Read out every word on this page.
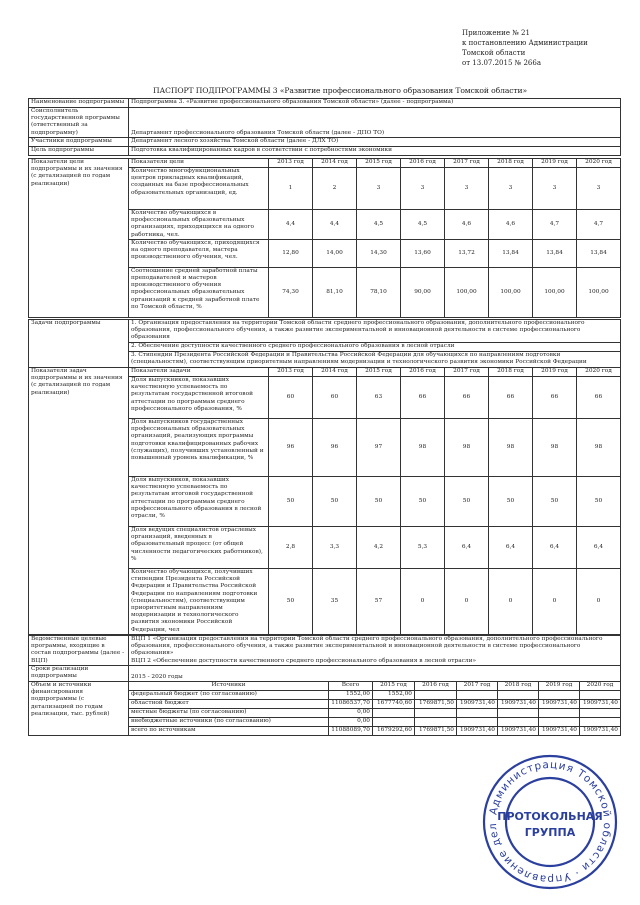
Приложение № 21
к постановлению Администрации
Томской области
от 13.07.2015 № 266а
ПАСПОРТ ПОДПРОГРАММЫ 3 «Развитие профессионального образования Томской области»
Наименование подпрограммы	Подпрограмма 3. «Развитие профессионального образования Томской области» (далее - подпрограмма)
Соисполнитель государственной программы (ответственный за подпрограмму)	Департамент профессионального образования Томской области (далее - ДПО ТО)
Участники подпрограммы	Департамент лесного хозяйства Томской области (далее - ДЛХ ТО)
Цель подпрограммы	Подготовка квалифицированных кадров в соответствии с потребностями экономики
Показатели цели подпрограммы и их значения (с детализацией по годам реализации)	Показатели цели	2013 год	2014 год	2015 год	2016 год	2017 год	2018 год	2019 год	2020 год
	Количество многофункциональных центров прикладных квалификаций, созданных на базе профессиональных образовательных организаций, ед.	1	2	3	3	3	3	3	3
	Количество обучающихся в профессиональных образовательных организациях, приходящихся на одного работника, чел.	4,4	4,4	4,5	4,5	4,6	4,6	4,7	4,7
	Количество обучающихся, приходящихся на одного преподавателя, мастера производственного обучения, чел.	12,80	14,00	14,30	13,60	13,72	13,84	13,84	13,84
	Соотношение средней заработной платы преподавателей и мастеров производственного обучения профессиональных образовательных организаций к средней заработной плате по Томской области, %	74,30	81,10	78,10	90,00	100,00	100,00	100,00	100,00
Задачи подпрограммы	1. Организация предоставления на территории Томской области среднего профессионального образования, дополнительного профессионального образования, профессионального обучения, а также развитие экспериментальной и инновационной деятельности в системе профессионального образования
2. Обеспечение доступности качественного среднего профессионального образования в лесной отрасли
3. Стипендии Президента Российской Федерации и Правительства Российской Федерации для обучающихся по направлениям подготовки (специальностям), соответствующим приоритетным направлениям модернизации и технологического развития экономики Российской Федерации
Показатели задач подпрограммы и их значения (с детализацией по годам реализации)	Показатели задачи	2013 год	2014 год	2015 год	2016 год	2017 год	2018 год	2019 год	2020 год
	Доля выпускников, показавших качественную успеваемость по результатам государственной итоговой аттестации по программам среднего профессионального образования, %	60	60	63	66	66	66	66	66
	Доля выпускников государственных профессиональных образовательных организаций, реализующих программы подготовки квалифицированных рабочих (служащих), получивших установленный и повышенный уровень квалификации, %	96	96	97	98	98	98	98	98
	Доля выпускников, показавших качественную успеваемость по результатам итоговой государственной аттестации по программам среднего профессионального образования в лесной отрасли, %	50	50	50	50	50	50	50	50
	Доля ведущих специалистов отраслевых организаций, введенных в образовательный процесс (от общей численности педагогических работников), %	2,8	3,3	4,2	5,3	6,4	6,4	6,4	6,4
	Количество обучающихся, получивших стипендии Президента Российской Федерации и Правительства Российской Федерации по направлениям подготовки (специальностям), соответствующим приоритетным направлениям модернизации и технологического развития экономики Российской Федерации, чел	50	35	57	0	0	0	0	0
Ведомственные целевые программы, входящие в состав подпрограммы (далее - ВЦП)	ВЦП 1 «Организация предоставления на территории Томской области среднего профессионального образования, дополнительного профессионального образования, профессионального обучения, а также развитие экспериментальной и инновационной деятельности в системе профессионального образования»
ВЦП 2 «Обеспечение доступности качественного среднего профессионального образования в лесной отрасли»

Сроки реализации подпрограммы	2015 - 2020 годы
Объем и источники финансирования подпрограммы (с детализацией по годам реализации, тыс. рублей)	Источники	Всего	2015 год	2016 год	2017 год	2018 год	2019 год	2020 год
	федеральный бюджет (по согласованию)	1552,00	1552,00					
	областной бюджет	11086537,70	1677740,60	1769871,50	1909731,40	1909731,40	1909731,40	1909731,40
	местные бюджеты (по согласованию)	0,00						
	внебюджетные источники (по согласованию)	0,00						
	всего по источникам	11088089,70	1679292,60	1769871,50	1909731,40	1909731,40	1909731,40	1909731,40
Администрация Томской области · Управление дел
ПРОТОКОЛЬНАЯ
ГРУППА
